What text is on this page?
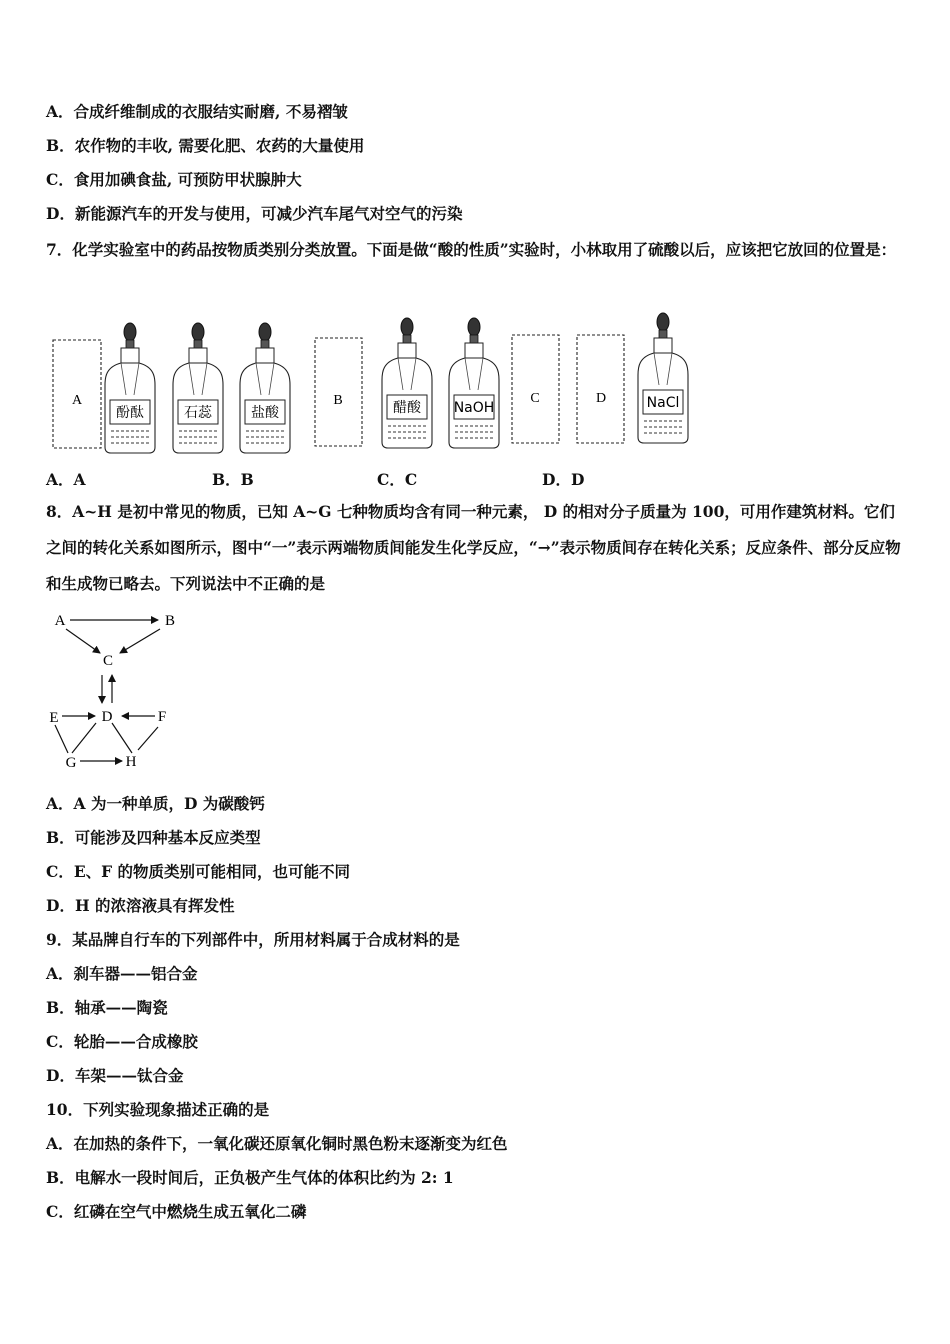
A．合成纤维制成的衣服结实耐磨, 不易褶皱
B．农作物的丰收, 需要化肥、农药的大量使用
C．食用加碘食盐, 可预防甲状腺肿大
D．新能源汽车的开发与使用，可减少汽车尾气对空气的污染
7．化学实验室中的药品按物质类别分类放置。下面是做“酸的性质”实验时，小林取用了硫酸以后，应该把它放回的位置是：
A	B	C	D
酚酞	石蕊	盐酸	醋酸 NaOH	NaCl
A．A	B．B	C．C	D．D
8．A~H 是初中常见的物质，已知 A~G 七种物质均含有同一种元素， D 的相对分子质量为 100，可用作建筑材料。它们之间的转化关系如图所示，图中“一”表示两端物质间能发生化学反应，“→”表示物质间存在转化关系；反应条件、部分反应物和生成物已略去。下列说法中不正确的是
A	B
C
D
E	F
G	H
A．A 为一种单质，D 为碳酸钙
B．可能涉及四种基本反应类型
C．E、F 的物质类别可能相同，也可能不同
D．H 的浓溶液具有挥发性
9．某品牌自行车的下列部件中，所用材料属于合成材料的是
A．刹车器——铝合金
B．轴承——陶瓷
C．轮胎——合成橡胶
D．车架——钛合金
10．下列实验现象描述正确的是
A．在加热的条件下，一氧化碳还原氧化铜时黑色粉末逐渐变为红色
B．电解水一段时间后，正负极产生气体的体积比约为 2: 1
C．红磷在空气中燃烧生成五氧化二磷
